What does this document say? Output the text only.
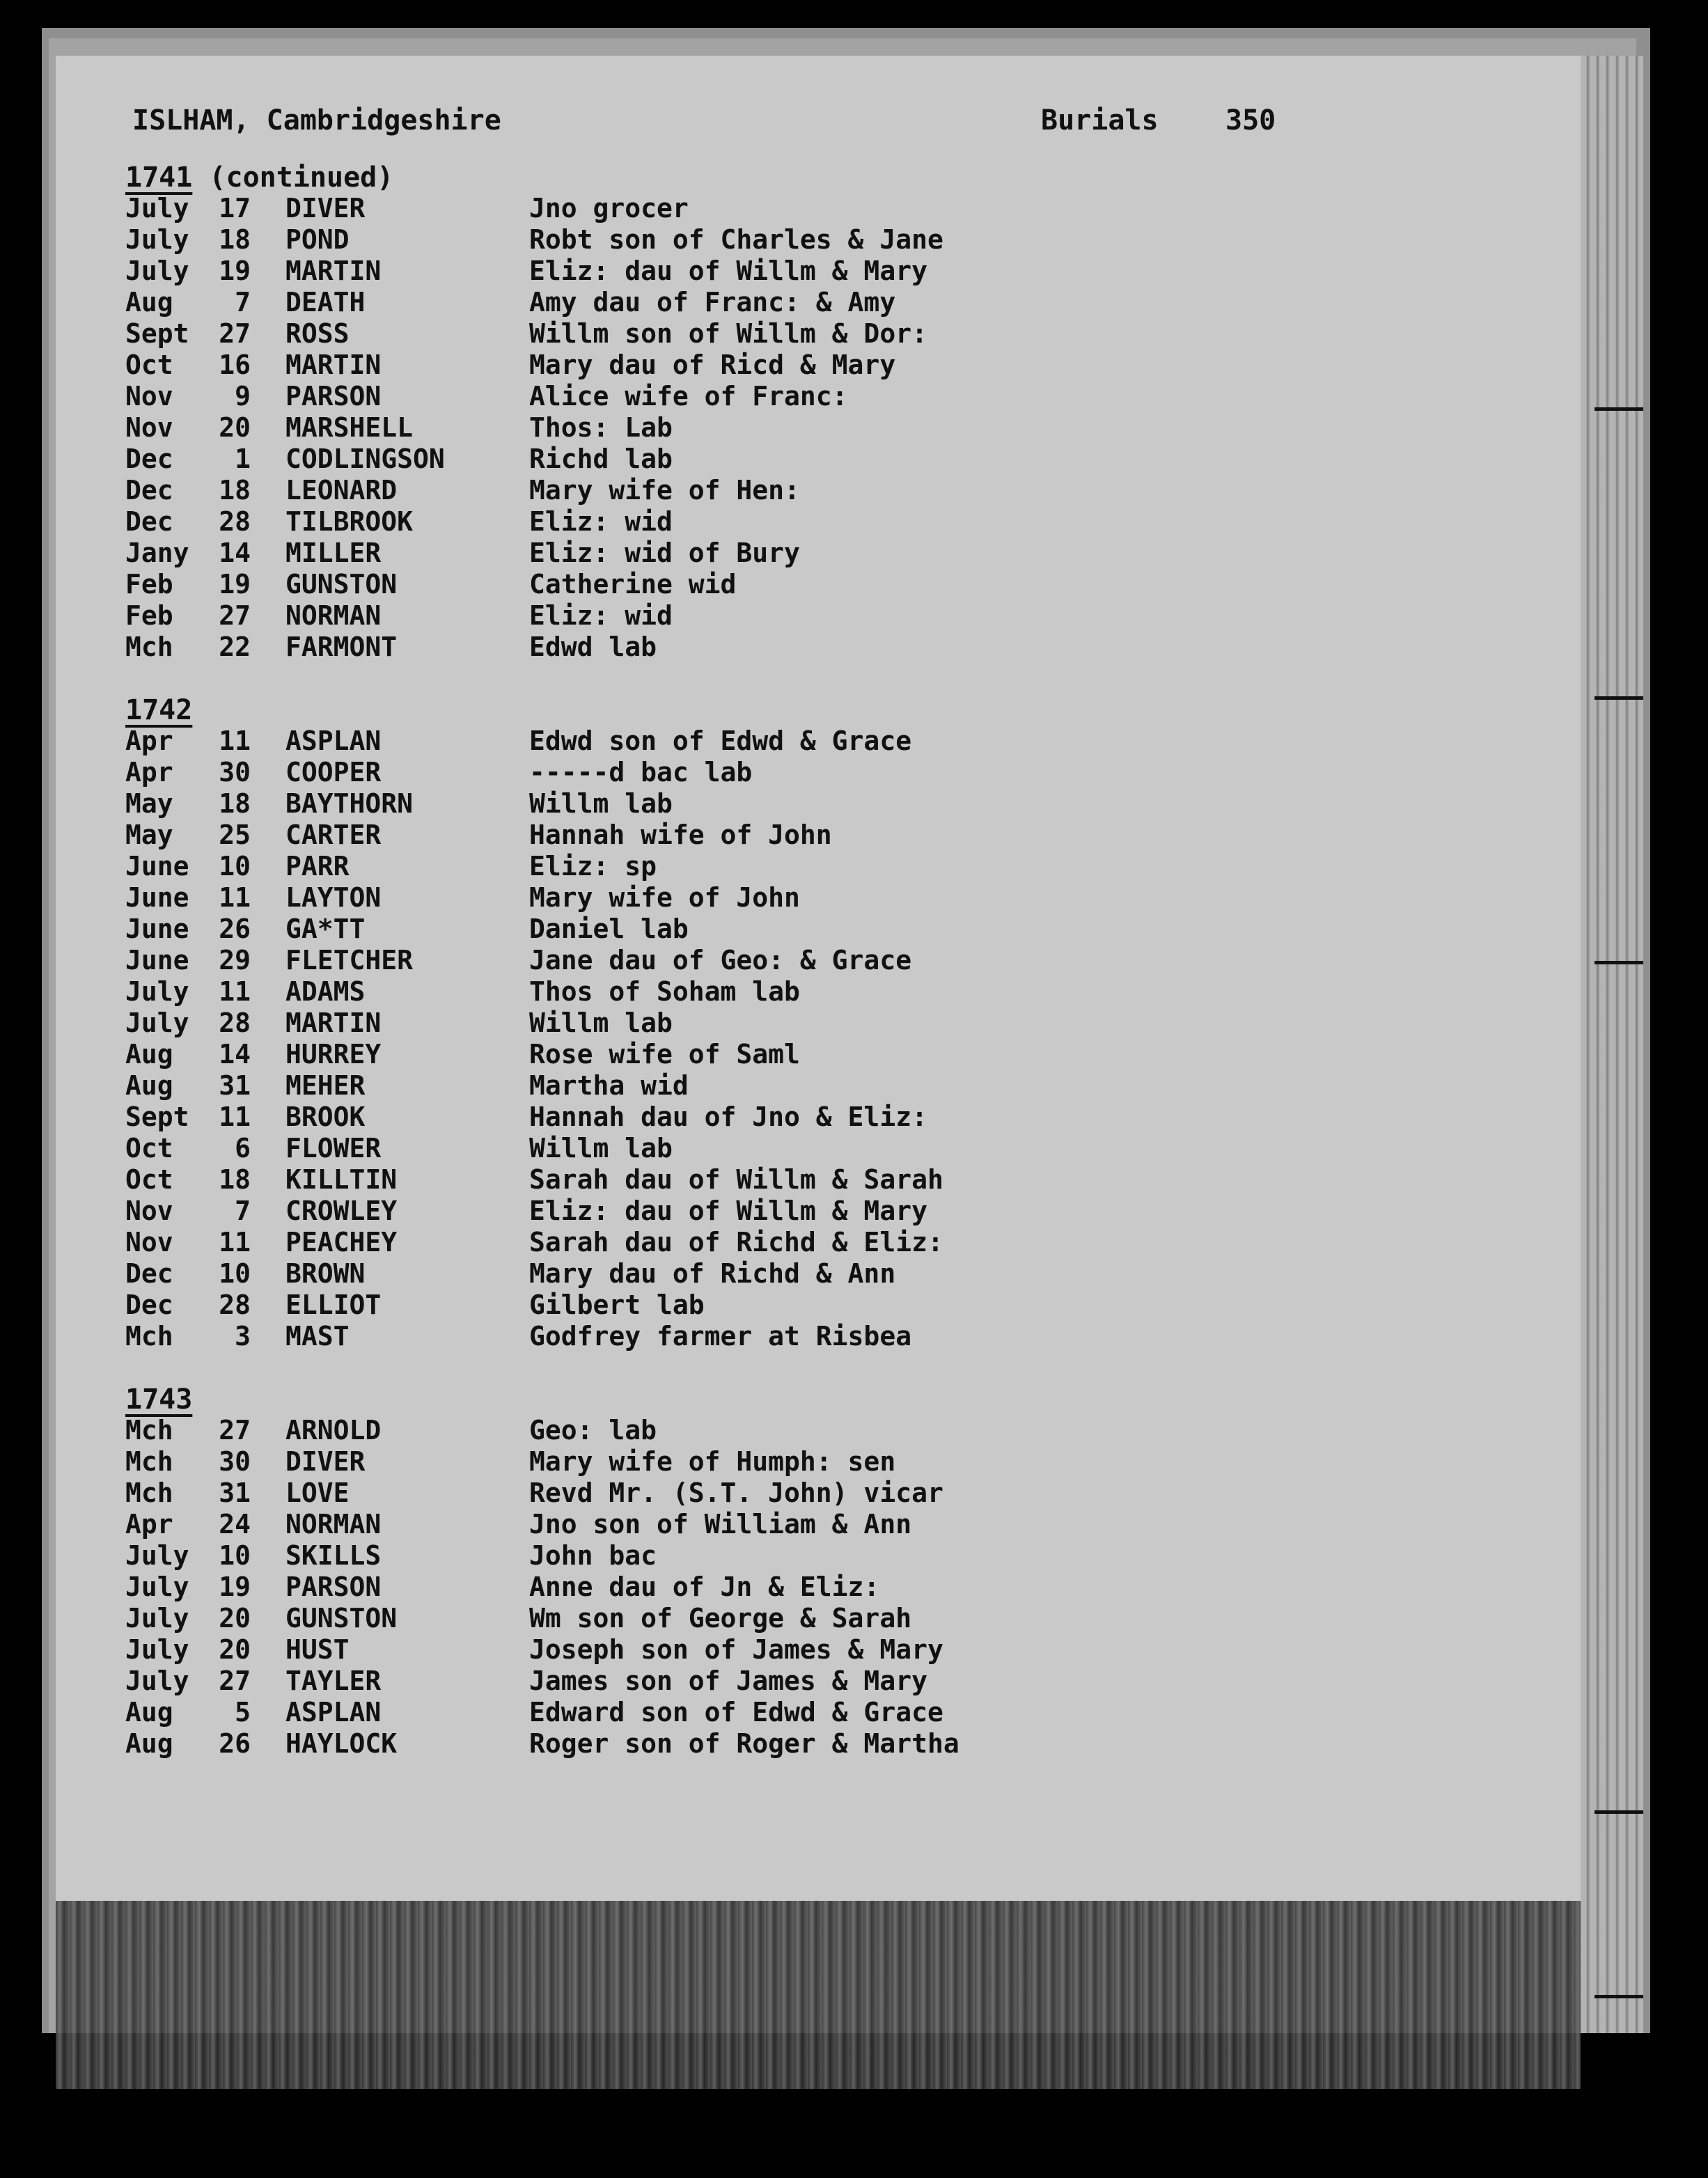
ISLHAM, Cambridgeshire	Burials 350
1741 (continued)
July	17	DIVER	Jno grocer
July	18	POND	Robt son of Charles & Jane
July	19	MARTIN	Eliz: dau of Willm & Mary
Aug	7	DEATH	Amy dau of Franc: & Amy
Sept	27	ROSS	Willm son of Willm & Dor:
Oct	16	MARTIN	Mary dau of Ricd & Mary
Nov	9	PARSON	Alice wife of Franc:
Nov	20	MARSHELL	Thos: Lab
Dec	1	CODLINGSON	Richd lab
Dec	18	LEONARD	Mary wife of Hen:
Dec	28	TILBROOK	Eliz: wid
Jany	14	MILLER	Eliz: wid of Bury
Feb	19	GUNSTON	Catherine wid
Feb	27	NORMAN	Eliz: wid
Mch	22	FARMONT	Edwd lab
1742
Apr	11	ASPLAN	Edwd son of Edwd & Grace
Apr	30	COOPER	-----d bac lab
May	18	BAYTHORN	Willm lab
May	25	CARTER	Hannah wife of John
June	10	PARR	Eliz: sp
June	11	LAYTON	Mary wife of John
June	26	GA*TT	Daniel lab
June	29	FLETCHER	Jane dau of Geo: & Grace
July	11	ADAMS	Thos of Soham lab
July	28	MARTIN	Willm lab
Aug	14	HURREY	Rose wife of Saml
Aug	31	MEHER	Martha wid
Sept	11	BROOK	Hannah dau of Jno & Eliz:
Oct	6	FLOWER	Willm lab
Oct	18	KILLTIN	Sarah dau of Willm & Sarah
Nov	7	CROWLEY	Eliz: dau of Willm & Mary
Nov	11	PEACHEY	Sarah dau of Richd & Eliz:
Dec	10	BROWN	Mary dau of Richd & Ann
Dec	28	ELLIOT	Gilbert lab
Mch	3	MAST	Godfrey farmer at Risbea
1743
Mch	27	ARNOLD	Geo: lab
Mch	30	DIVER	Mary wife of Humph: sen
Mch	31	LOVE	Revd Mr. (S.T. John) vicar
Apr	24	NORMAN	Jno son of William & Ann
July	10	SKILLS	John bac
July	19	PARSON	Anne dau of Jn & Eliz:
July	20	GUNSTON	Wm son of George & Sarah
July	20	HUST	Joseph son of James & Mary
July	27	TAYLER	James son of James & Mary
Aug	5	ASPLAN	Edward son of Edwd & Grace
Aug	26	HAYLOCK	Roger son of Roger & Martha
